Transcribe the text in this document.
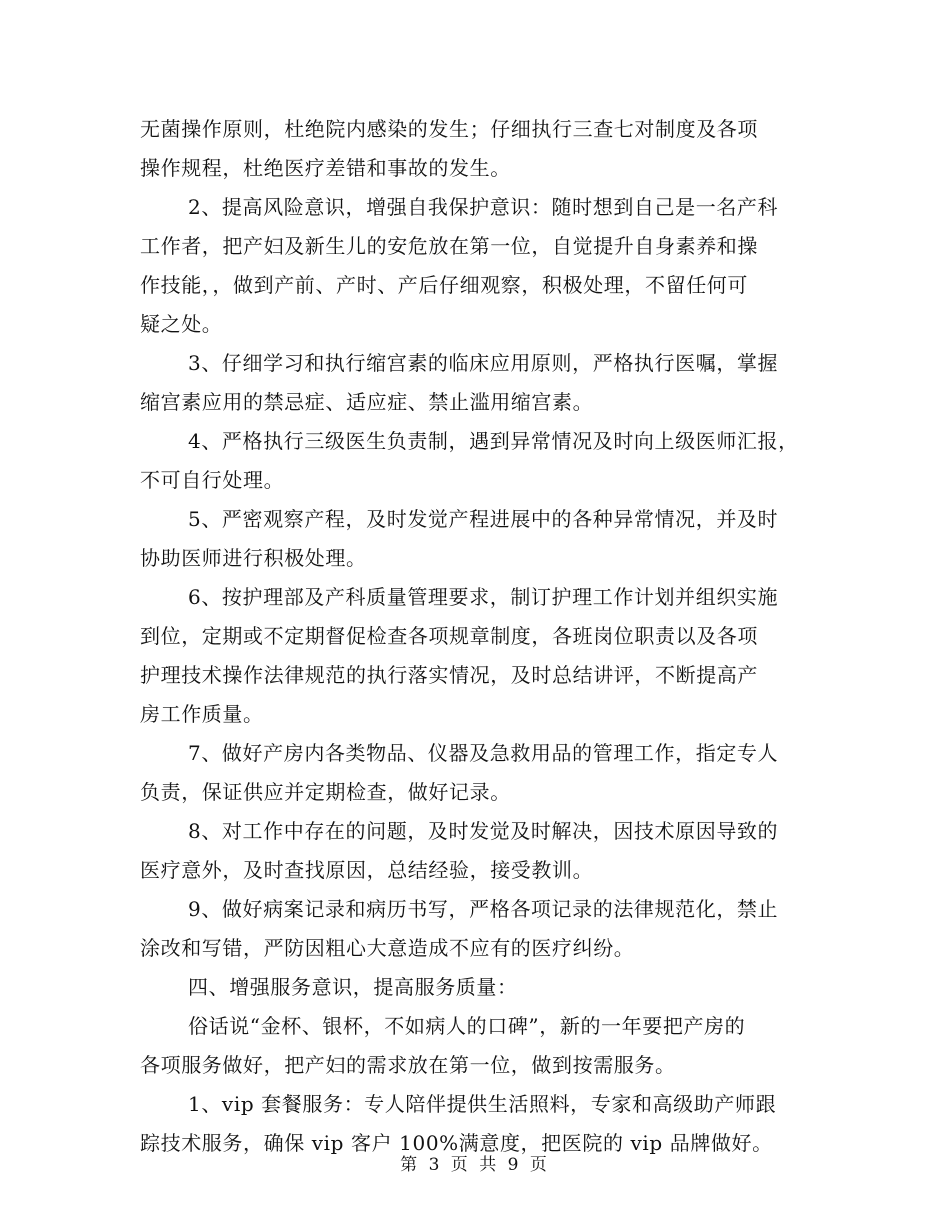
无菌操作原则，杜绝院内感染的发生；仔细执行三查七对制度及各项
操作规程，杜绝医疗差错和事故的发生。
2、提高风险意识，增强自我保护意识：随时想到自己是一名产科
工作者，把产妇及新生儿的安危放在第一位，自觉提升自身素养和操
作技能，，做到产前、产时、产后仔细观察，积极处理，不留任何可
疑之处。
3、仔细学习和执行缩宫素的临床应用原则，严格执行医嘱，掌握
缩宫素应用的禁忌症、适应症、禁止滥用缩宫素。
4、严格执行三级医生负责制，遇到异常情况及时向上级医师汇报，
不可自行处理。
5、严密观察产程，及时发觉产程进展中的各种异常情况，并及时
协助医师进行积极处理。
6、按护理部及产科质量管理要求，制订护理工作计划并组织实施
到位，定期或不定期督促检查各项规章制度，各班岗位职责以及各项
护理技术操作法律规范的执行落实情况，及时总结讲评，不断提高产
房工作质量。
7、做好产房内各类物品、仪器及急救用品的管理工作，指定专人
负责，保证供应并定期检查，做好记录。
8、对工作中存在的问题，及时发觉及时解决，因技术原因导致的
医疗意外，及时查找原因，总结经验，接受教训。
9、做好病案记录和病历书写，严格各项记录的法律规范化，禁止
涂改和写错，严防因粗心大意造成不应有的医疗纠纷。
四、增强服务意识，提高服务质量：
俗话说“金杯、银杯，不如病人的口碑”，新的一年要把产房的
各项服务做好，把产妇的需求放在第一位，做到按需服务。
1、vip 套餐服务：专人陪伴提供生活照料，专家和高级助产师跟
踪技术服务，确保 vip 客户 100%满意度，把医院的 vip 品牌做好。
第 3 页 共 9 页
